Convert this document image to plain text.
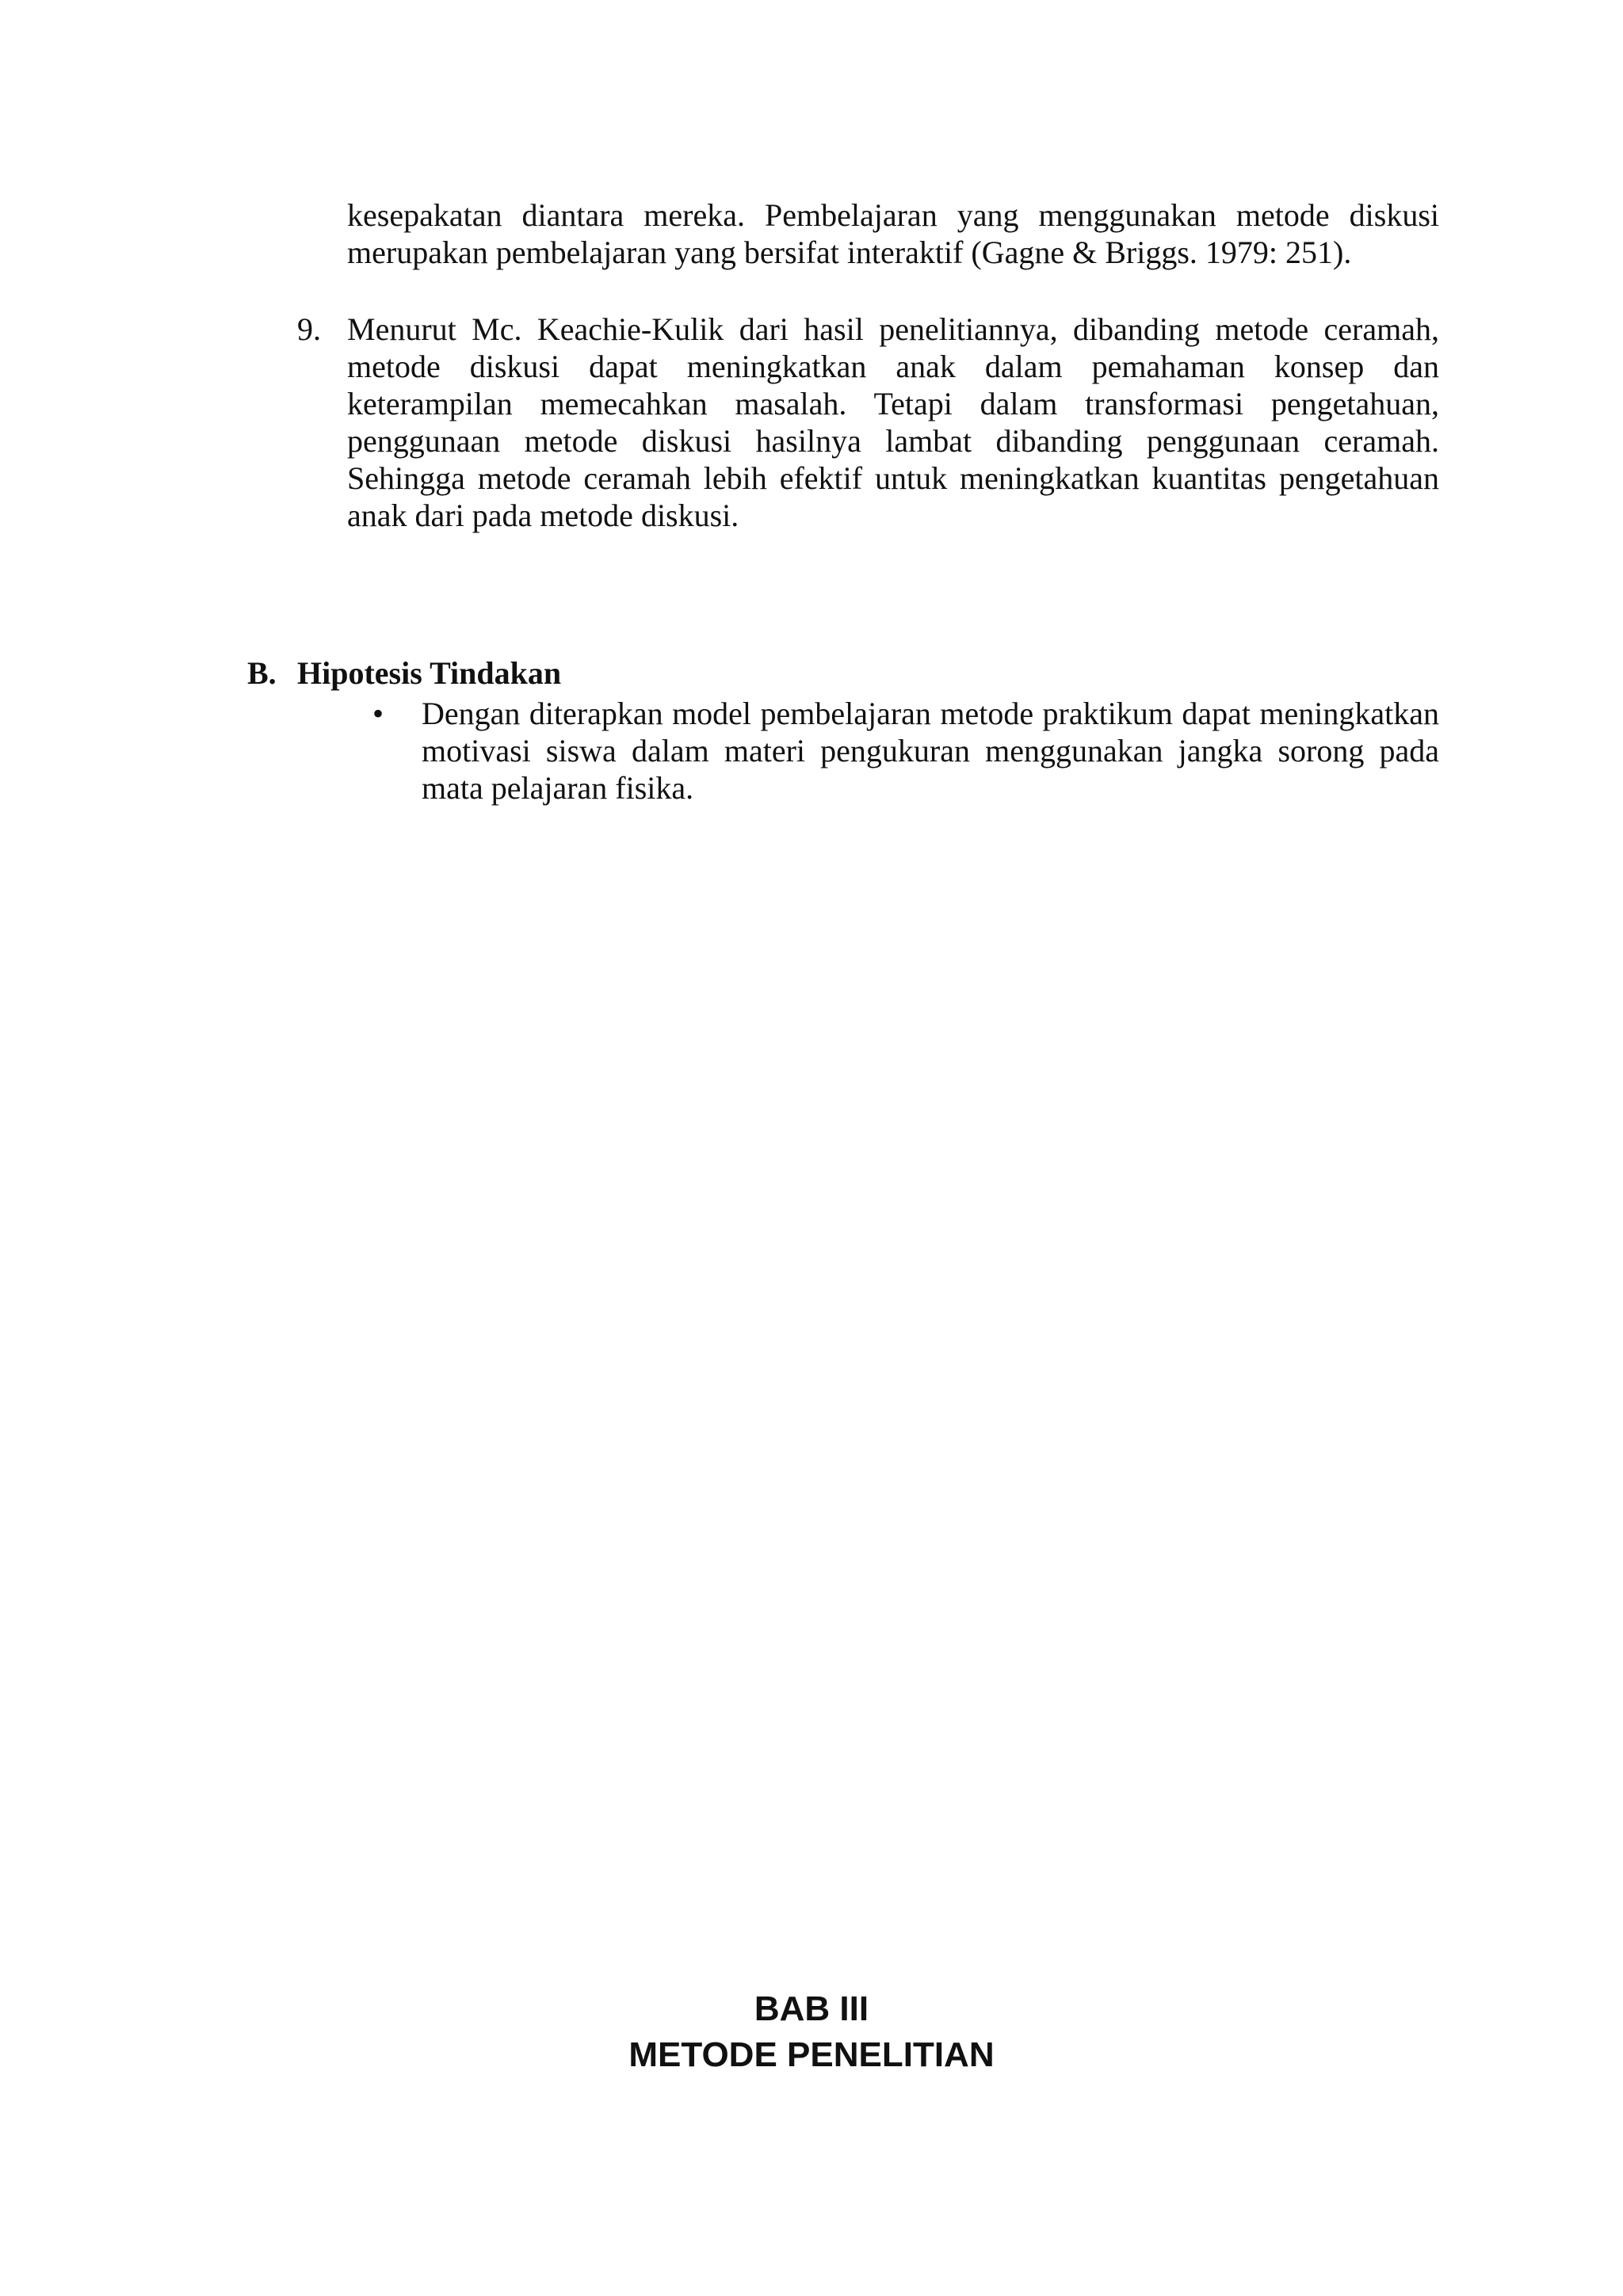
kesepakatan diantara mereka. Pembelajaran yang menggunakan metode diskusi merupakan pembelajaran yang bersifat interaktif (Gagne & Briggs. 1979: 251).

9. Menurut Mc. Keachie-Kulik dari hasil penelitiannya, dibanding metode ceramah, metode diskusi dapat meningkatkan anak dalam pemahaman konsep dan keterampilan memecahkan masalah. Tetapi dalam transformasi pengetahuan, penggunaan metode diskusi hasilnya lambat dibanding penggunaan ceramah. Sehingga metode ceramah lebih efektif untuk meningkatkan kuantitas pengetahuan anak dari pada metode diskusi.

B. Hipotesis Tindakan
• Dengan diterapkan model pembelajaran metode praktikum dapat meningkatkan motivasi siswa dalam materi pengukuran menggunakan jangka sorong pada mata pelajaran fisika.

BAB III
METODE PENELITIAN
